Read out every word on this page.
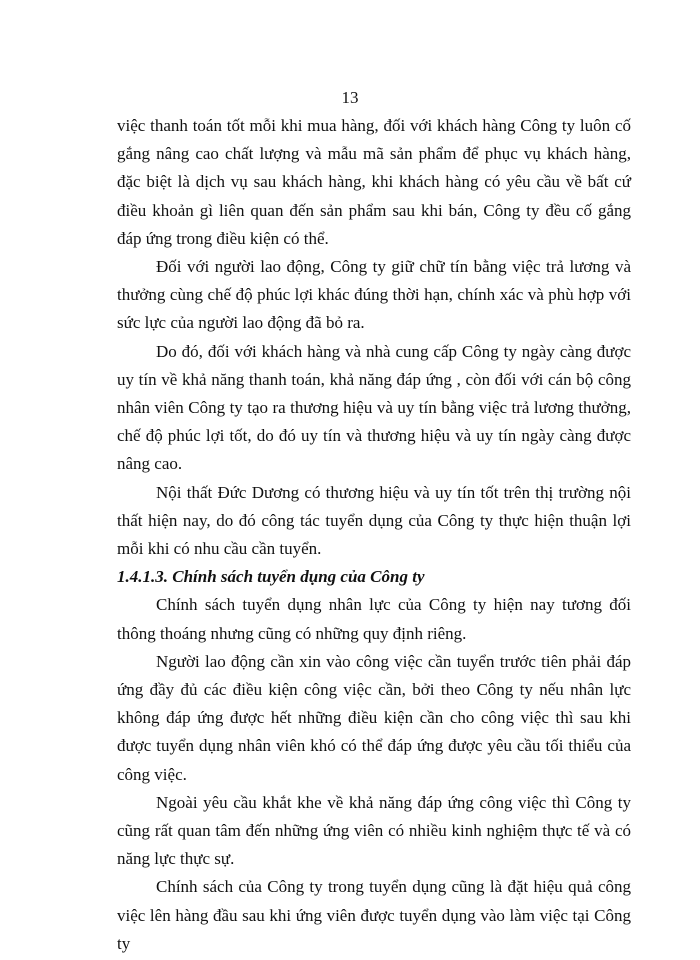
13

việc thanh toán tốt mỗi khi mua hàng, đối với khách hàng Công ty luôn cố gắng nâng cao chất lượng và mẫu mã sản phẩm để phục vụ khách hàng, đặc biệt là dịch vụ sau khách hàng, khi khách hàng có yêu cầu về bất cứ điều khoản gì liên quan đến sản phẩm sau khi bán, Công ty đều cố gắng đáp ứng trong điều kiện có thể.

Đối với người lao động, Công ty giữ chữ tín bằng việc trả lương và thưởng cùng chế độ phúc lợi khác đúng thời hạn, chính xác và phù hợp với sức lực của người lao động đã bỏ ra.

Do đó, đối với khách hàng và nhà cung cấp Công ty ngày càng được uy tín về khả năng thanh toán, khả năng đáp ứng , còn đối với cán bộ công nhân viên Công ty tạo ra thương hiệu và uy tín bằng việc trả lương thưởng, chế độ phúc lợi tốt, do đó uy tín và thương hiệu và uy tín ngày càng được nâng cao.

Nội thất Đức Dương có thương hiệu và uy tín tốt trên thị trường nội thất hiện nay, do đó công tác tuyển dụng của Công ty thực hiện thuận lợi mỗi khi có nhu cầu cần tuyển.

1.4.1.3. Chính sách tuyển dụng của Công ty

Chính sách tuyển dụng nhân lực của Công ty hiện nay tương đối thông thoáng nhưng cũng có những quy định riêng.

Người lao động cần xin vào công việc cần tuyển trước tiên phải đáp ứng đầy đủ các điều kiện công việc cần, bởi theo Công ty nếu nhân lực không đáp ứng được hết những điều kiện cần cho công việc thì sau khi được tuyển dụng nhân viên khó có thể đáp ứng được yêu cầu tối thiểu của công việc.

Ngoài yêu cầu khắt khe về khả năng đáp ứng công việc thì Công ty cũng rất quan tâm đến những ứng viên có nhiều kinh nghiệm thực tế và có năng lực thực sự.

Chính sách của Công ty trong tuyển dụng cũng là đặt hiệu quả công việc lên hàng đầu sau khi ứng viên được tuyển dụng vào làm việc tại Công ty
